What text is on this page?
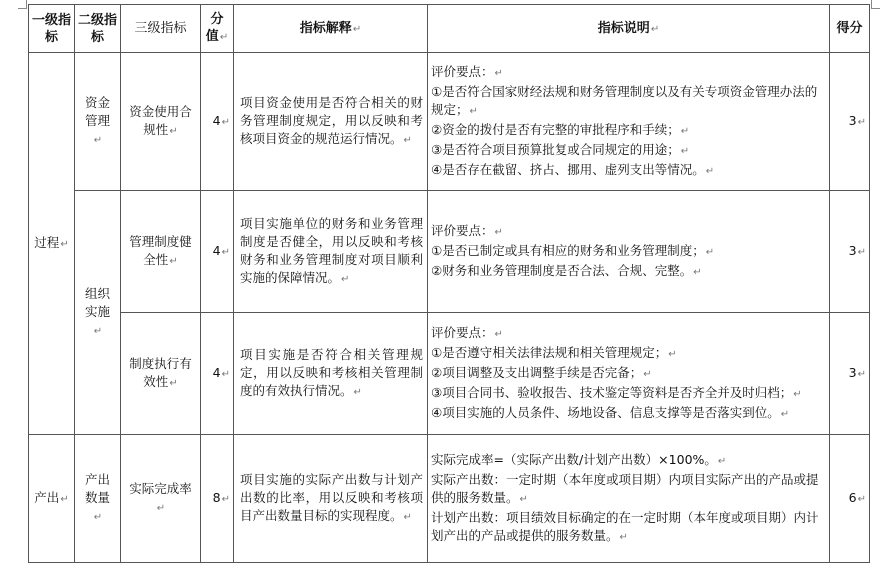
一级指标	二级指标	三级指标	分值 ↵	指标解释 ↵	指标说明 ↵	得分
过程 ↵	资金管理 ↵	资金使用合规性 ↵	4 ↵	项目资金使用是否符合相关的财务管理制度规定，用以反映和考核项目资金的规范运行情况。 ↵	评价要点： ↵
①是否符合国家财经法规和财务管理制度以及有关专项资金管理办法的规定； ↵
②资金的拨付是否有完整的审批程序和手续； ↵
③是否符合项目预算批复或合同规定的用途； ↵
④是否存在截留、挤占、挪用、虚列支出等情况。 ↵	3 ↵
	组织实施 ↵	管理制度健全性 ↵	4 ↵	项目实施单位的财务和业务管理制度是否健全，用以反映和考核财务和业务管理制度对项目顺利实施的保障情况。 ↵	评价要点： ↵
①是否已制定或具有相应的财务和业务管理制度； ↵
②财务和业务管理制度是否合法、合规、完整。 ↵	3 ↵
		制度执行有效性 ↵	4 ↵	项目实施是否符合相关管理规定，用以反映和考核相关管理制度的有效执行情况。 ↵	评价要点： ↵
①是否遵守相关法律法规和相关管理规定； ↵
②项目调整及支出调整手续是否完备； ↵
③项目合同书、验收报告、技术鉴定等资料是否齐全并及时归档； ↵
④项目实施的人员条件、场地设备、信息支撑等是否落实到位。 ↵	3 ↵
产出 ↵	产出数量 ↵	实际完成率 ↵	8 ↵	项目实施的实际产出数与计划产出数的比率，用以反映和考核项目产出数量目标的实现程度。 ↵	实际完成率=（实际产出数/计划产出数）×100%。 ↵
实际产出数：一定时期（本年度或项目期）内项目实际产出的产品或提供的服务数量。 ↵
计划产出数：项目绩效目标确定的在一定时期（本年度或项目期）内计划产出的产品或提供的服务数量。 ↵	6 ↵
